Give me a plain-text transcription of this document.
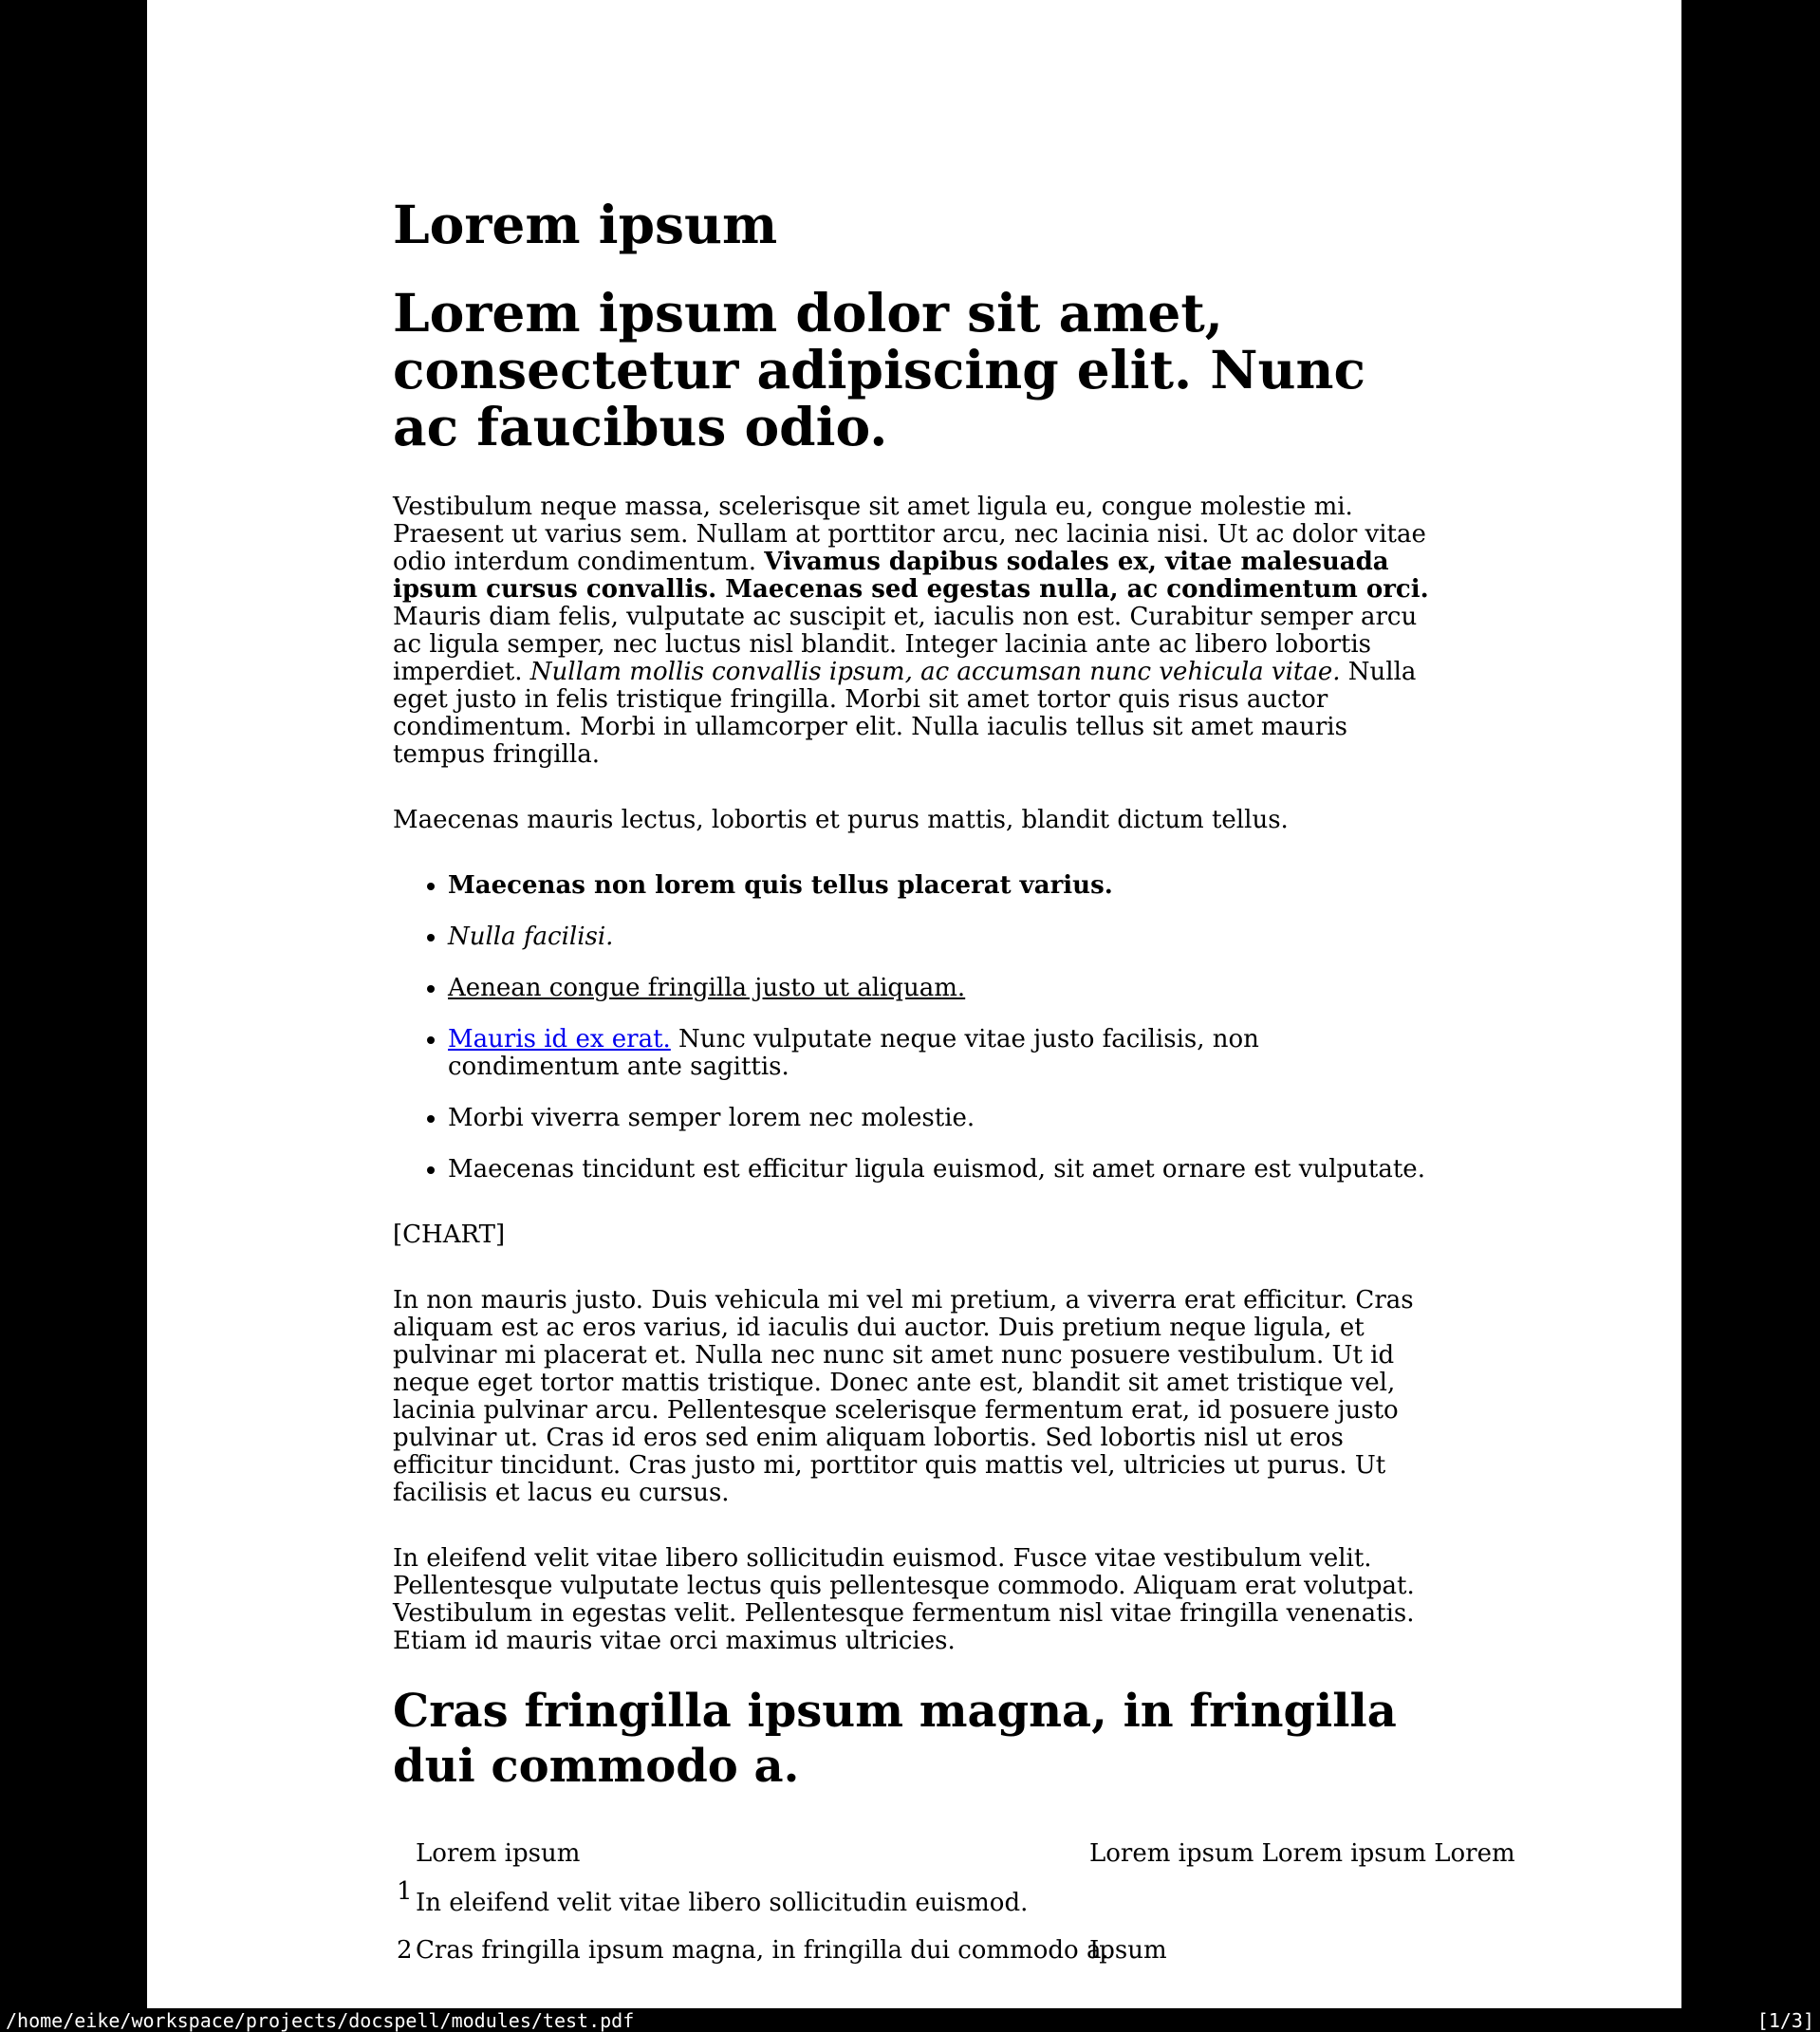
Lorem ipsum
Lorem ipsum dolor sit amet, consectetur adipiscing elit. Nunc ac faucibus odio.

Vestibulum neque massa, scelerisque sit amet ligula eu, congue molestie mi. Praesent ut varius sem. Nullam at porttitor arcu, nec lacinia nisi. Ut ac dolor vitae odio interdum condimentum. Vivamus dapibus sodales ex, vitae malesuada ipsum cursus convallis. Maecenas sed egestas nulla, ac condimentum orci. Mauris diam felis, vulputate ac suscipit et, iaculis non est. Curabitur semper arcu ac ligula semper, nec luctus nisl blandit. Integer lacinia ante ac libero lobortis imperdiet. Nullam mollis convallis ipsum, ac accumsan nunc vehicula vitae. Nulla eget justo in felis tristique fringilla. Morbi sit amet tortor quis risus auctor condimentum. Morbi in ullamcorper elit. Nulla iaculis tellus sit amet mauris tempus fringilla.

Maecenas mauris lectus, lobortis et purus mattis, blandit dictum tellus.

• Maecenas non lorem quis tellus placerat varius.
• Nulla facilisi.
• Aenean congue fringilla justo ut aliquam.
• Mauris id ex erat. Nunc vulputate neque vitae justo facilisis, non condimentum ante sagittis.
• Morbi viverra semper lorem nec molestie.
• Maecenas tincidunt est efficitur ligula euismod, sit amet ornare est vulputate.

[CHART]

In non mauris justo. Duis vehicula mi vel mi pretium, a viverra erat efficitur. Cras aliquam est ac eros varius, id iaculis dui auctor. Duis pretium neque ligula, et pulvinar mi placerat et. Nulla nec nunc sit amet nunc posuere vestibulum. Ut id neque eget tortor mattis tristique. Donec ante est, blandit sit amet tristique vel, lacinia pulvinar arcu. Pellentesque scelerisque fermentum erat, id posuere justo pulvinar ut. Cras id eros sed enim aliquam lobortis. Sed lobortis nisl ut eros efficitur tincidunt. Cras justo mi, porttitor quis mattis vel, ultricies ut purus. Ut facilisis et lacus eu cursus.

In eleifend velit vitae libero sollicitudin euismod. Fusce vitae vestibulum velit. Pellentesque vulputate lectus quis pellentesque commodo. Aliquam erat volutpat. Vestibulum in egestas velit. Pellentesque fermentum nisl vitae fringilla venenatis. Etiam id mauris vitae orci maximus ultricies.

Cras fringilla ipsum magna, in fringilla dui commodo a.
Lorem ipsum	Lorem ipsum Lorem ipsum Lorem
1 In eleifend velit vitae libero sollicitudin euismod.
2 Cras fringilla ipsum magna, in fringilla dui commodo a.
Ipsum
/home/eike/workspace/projects/docspell/modules/test.pdf	[1/3]
